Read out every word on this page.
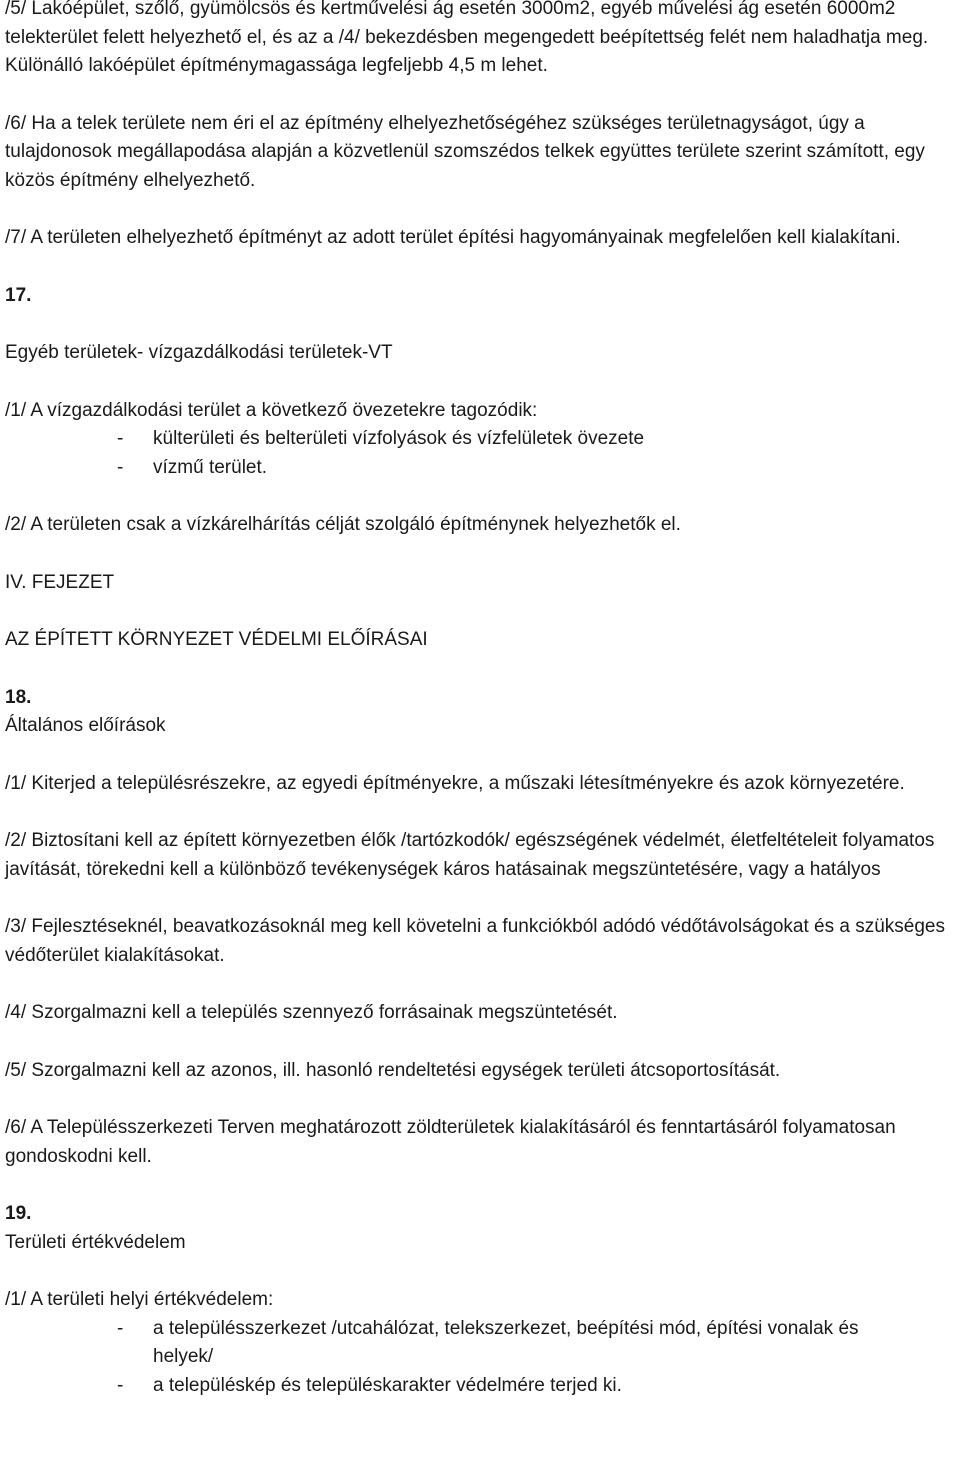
/5/ Lakóépület, szőlő, gyümölcsös és kertművelési ág esetén 3000m2, egyéb művelési ág esetén 6000m2 telekterület felett helyezhető el, és az a /4/ bekezdésben megengedett beépítettség felét nem haladhatja meg. Különálló lakóépület építménymagassága legfeljebb 4,5 m lehet.

/6/ Ha a telek területe nem éri el az építmény elhelyezhetőségéhez szükséges területnagyságot, úgy a tulajdonosok megállapodása alapján a közvetlenül szomszédos telkek együttes területe szerint számított, egy közös építmény elhelyezhető.

/7/ A területen elhelyezhető építményt az adott terület építési hagyományainak megfelelően kell kialakítani.

17.

Egyéb területek- vízgazdálkodási területek-VT

/1/ A vízgazdálkodási terület a következő övezetekre tagozódik:

- külterületi és belterületi vízfolyások és vízfelületek övezete
- vízmű terület.

/2/ A területen csak a vízkárelhárítás célját szolgáló építménynek helyezhetők el.

IV. FEJEZET

AZ ÉPÍTETT KÖRNYEZET VÉDELMI ELŐÍRÁSAI

18.

Általános előírások

/1/ Kiterjed a településrészekre, az egyedi építményekre, a műszaki létesítményekre és azok környezetére.

/2/ Biztosítani kell az épített környezetben élők /tartózkodók/ egészségének védelmét, életfeltételeit folyamatos javítását, törekedni kell a különböző tevékenységek káros hatásainak megszüntetésére, vagy a hatályos

/3/ Fejlesztéseknél, beavatkozásoknál meg kell követelni a funkciókból adódó védőtávolságokat és a szükséges védőterület kialakításokat.

/4/ Szorgalmazni kell a település szennyező forrásainak megszüntetését.

/5/ Szorgalmazni kell az azonos, ill. hasonló rendeltetési egységek területi átcsoportosítását.

/6/ A Településszerkezeti Terven meghatározott zöldterületek kialakításáról és fenntartásáról folyamatosan gondoskodni kell.

19.

Területi értékvédelem

/1/ A területi helyi értékvédelem:

- a településszerkezet /utcahálózat, telekszerkezet, beépítési mód, építési vonalak és
helyek/
- a településkép és településkarakter védelmére terjed ki.
